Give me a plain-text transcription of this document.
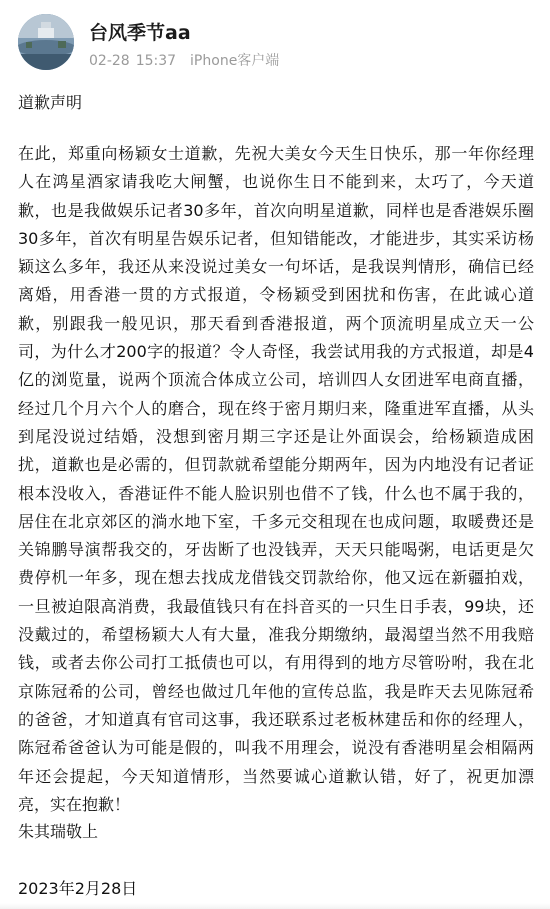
台风季节aa
02-28 15:37 iPhone客户端
道歉声明
在此，郑重向杨颖女士道歉，先祝大美女今天生日快乐，那一年你经理
人在鸿星酒家请我吃大闸蟹，也说你生日不能到来，太巧了，今天道
歉，也是我做娱乐记者30多年，首次向明星道歉，同样也是香港娱乐圈
30多年，首次有明星告娱乐记者，但知错能改，才能进步，其实采访杨
颖这么多年，我还从来没说过美女一句坏话，是我误判情形，确信已经
离婚，用香港一贯的方式报道，令杨颖受到困扰和伤害，在此诚心道
歉，别跟我一般见识，那天看到香港报道，两个顶流明星成立天一公
司，为什么才200字的报道？令人奇怪，我尝试用我的方式报道，却是4
亿的浏览量，说两个顶流合体成立公司，培训四人女团进军电商直播，
经过几个月六个人的磨合，现在终于密月期归来，隆重进军直播，从头
到尾没说过结婚，没想到密月期三字还是让外面误会，给杨颖造成困
扰，道歉也是必需的，但罚款就希望能分期两年，因为内地没有记者证
根本没收入，香港证件不能人脸识别也借不了钱，什么也不属于我的，
居住在北京郊区的淌水地下室，千多元交租现在也成问题，取暖费还是
关锦鹏导演帮我交的，牙齿断了也没钱弄，天天只能喝粥，电话更是欠
费停机一年多，现在想去找成龙借钱交罚款给你，他又远在新疆拍戏，
一旦被迫限高消费，我最值钱只有在抖音买的一只生日手表，99块，还
没戴过的，希望杨颖大人有大量，准我分期缴纳，最渴望当然不用我赔
钱，或者去你公司打工抵债也可以，有用得到的地方尽管吩咐，我在北
京陈冠希的公司，曾经也做过几年他的宣传总监，我是昨天去见陈冠希
的爸爸，才知道真有官司这事，我还联系过老板林建岳和你的经理人，
陈冠希爸爸认为可能是假的，叫我不用理会，说没有香港明星会相隔两
年还会提起，今天知道情形，当然要诚心道歉认错，好了，祝更加漂
亮，实在抱歉！
朱其瑞敬上
2023年2月28日
